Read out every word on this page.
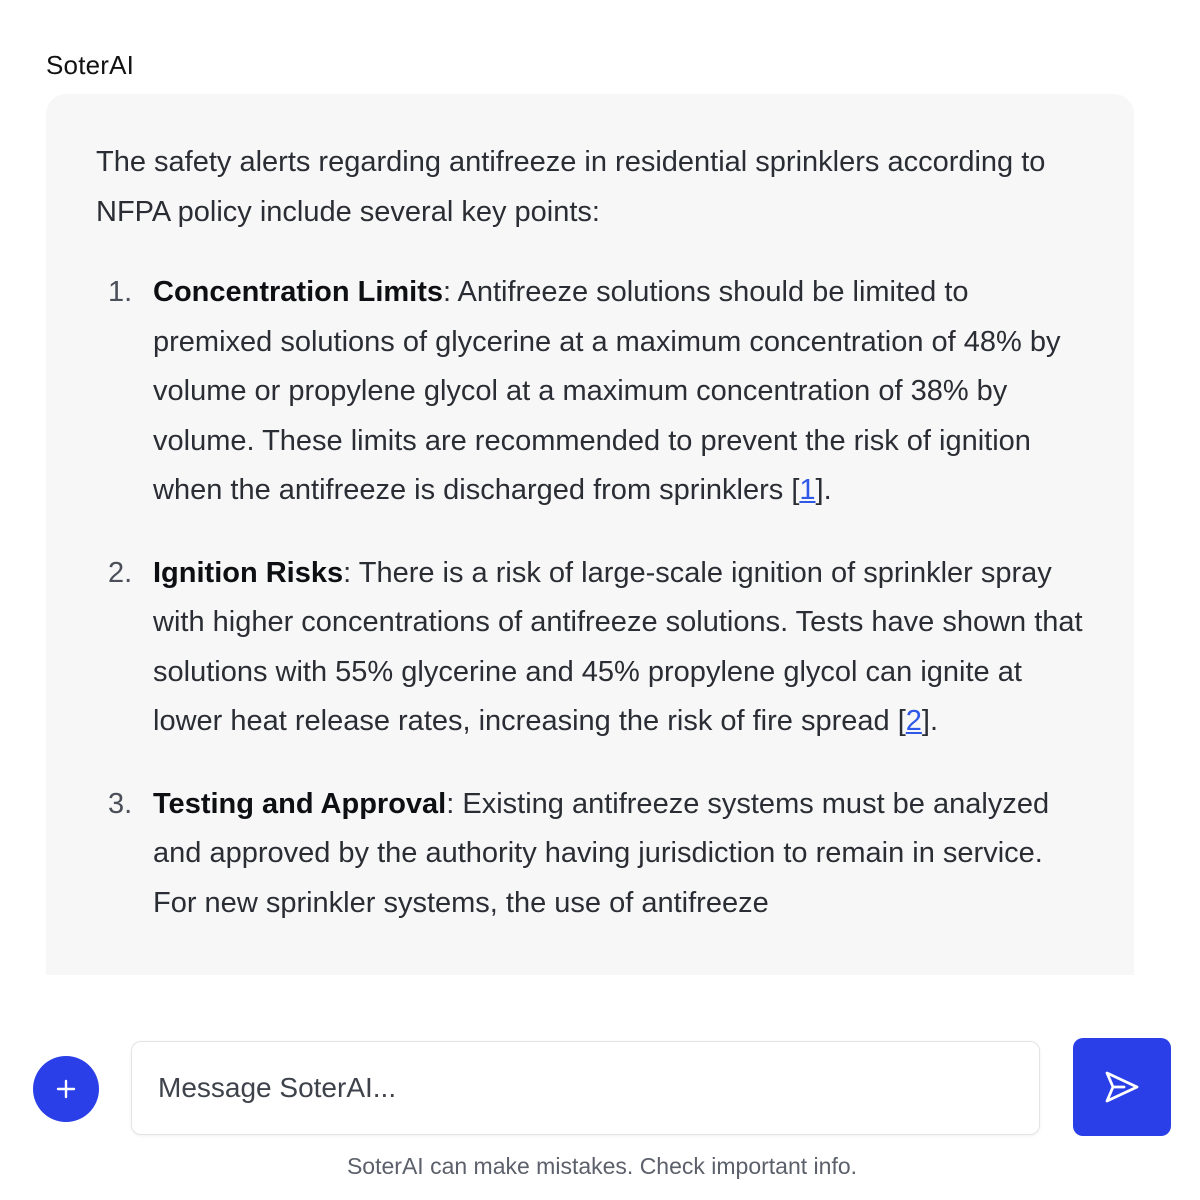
SoterAI

The safety alerts regarding antifreeze in residential sprinklers according to NFPA policy include several key points:

1. Concentration Limits: Antifreeze solutions should be limited to premixed solutions of glycerine at a maximum concentration of 48% by volume or propylene glycol at a maximum concentration of 38% by volume. These limits are recommended to prevent the risk of ignition when the antifreeze is discharged from sprinklers [1].
2. Ignition Risks: There is a risk of large-scale ignition of sprinkler spray with higher concentrations of antifreeze solutions. Tests have shown that solutions with 55% glycerine and 45% propylene glycol can ignite at lower heat release rates, increasing the risk of fire spread [2].
3. Testing and Approval: Existing antifreeze systems must be analyzed and approved by the authority having jurisdiction to remain in service. For new sprinkler systems, the use of antifreeze
Message SoterAI...
SoterAI can make mistakes. Check important info.
